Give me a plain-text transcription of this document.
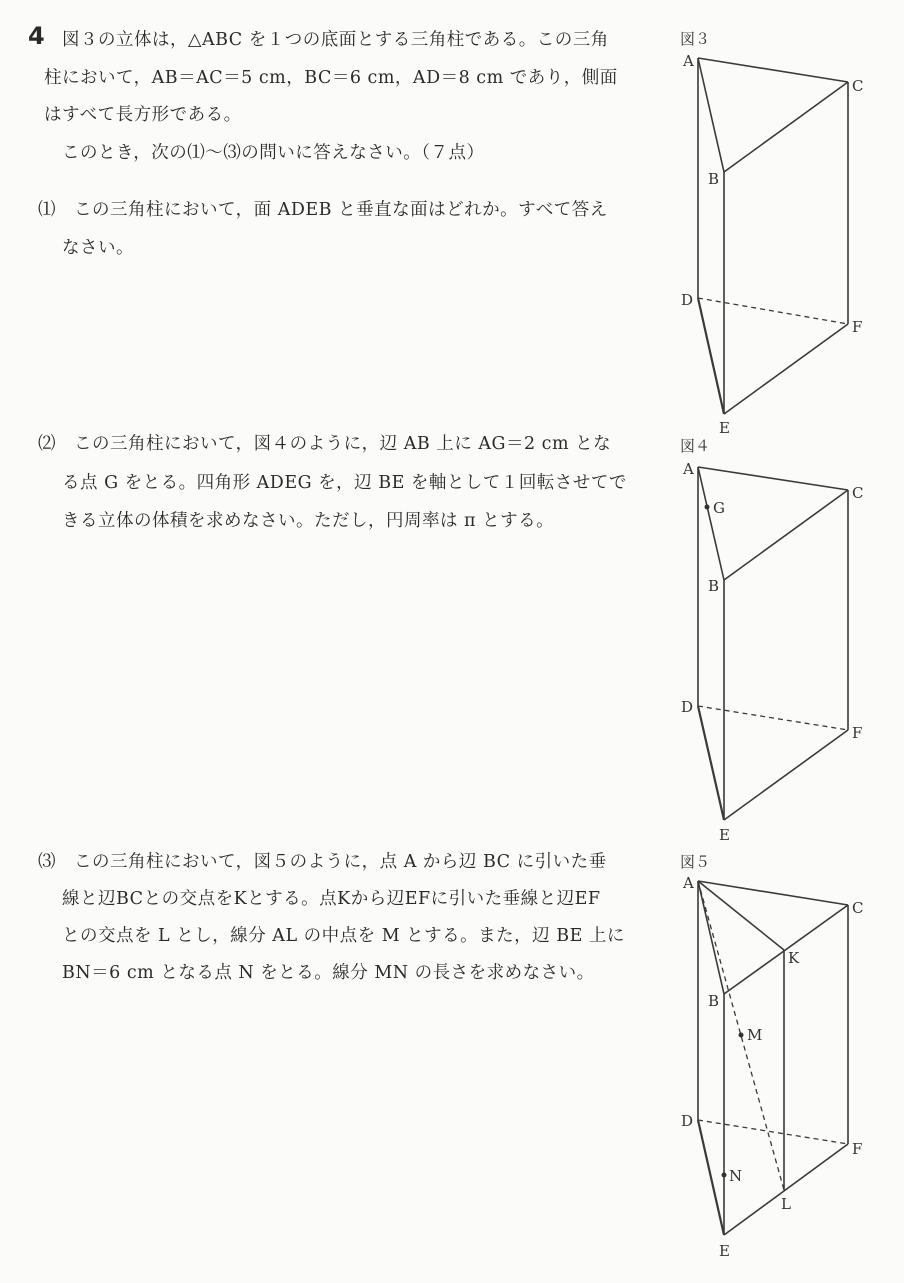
4 図３の立体は，△ABC を１つの底面とする三角柱である。この三角
柱において，AB＝AC＝5 cm，BC＝6 cm，AD＝8 cm であり，側面
はすべて長方形である。
このとき，次の⑴～⑶の問いに答えなさい。（７点）
⑴　この三角柱において，面 ADEB と垂直な面はどれか。すべて答え
なさい。
⑵　この三角柱において，図４のように，辺 AB 上に AG＝2 cm とな
る点 G をとる。四角形 ADEG を，辺 BE を軸として１回転させてで
きる立体の体積を求めなさい。ただし，円周率は π とする。
⑶　この三角柱において，図５のように，点 A から辺 BC に引いた垂
線と辺BCとの交点をKとする。点Kから辺EFに引いた垂線と辺EF
との交点を L とし，線分 AL の中点を M とする。また，辺 BE 上に
BN＝6 cm となる点 N をとる。線分 MN の長さを求めなさい。
図３
図４
図５
A
B
C
D
E
F
A
B
C
D
E
F
G
A
B
C
D
E
F
K
L
M
N
